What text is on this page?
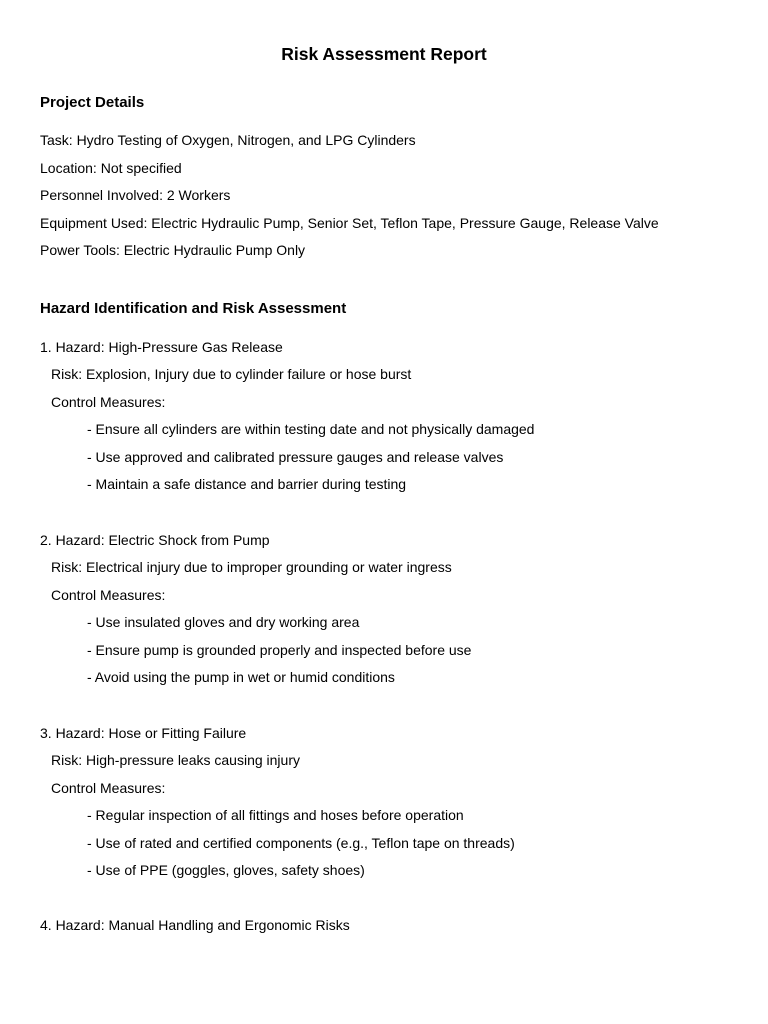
Risk Assessment Report
Project Details
Task: Hydro Testing of Oxygen, Nitrogen, and LPG Cylinders
Location: Not specified
Personnel Involved: 2 Workers
Equipment Used: Electric Hydraulic Pump, Senior Set, Teflon Tape, Pressure Gauge, Release Valve
Power Tools: Electric Hydraulic Pump Only
Hazard Identification and Risk Assessment
1. Hazard: High-Pressure Gas Release
Risk: Explosion, Injury due to cylinder failure or hose burst
Control Measures:
- Ensure all cylinders are within testing date and not physically damaged
- Use approved and calibrated pressure gauges and release valves
- Maintain a safe distance and barrier during testing
2. Hazard: Electric Shock from Pump
Risk: Electrical injury due to improper grounding or water ingress
Control Measures:
- Use insulated gloves and dry working area
- Ensure pump is grounded properly and inspected before use
- Avoid using the pump in wet or humid conditions
3. Hazard: Hose or Fitting Failure
Risk: High-pressure leaks causing injury
Control Measures:
- Regular inspection of all fittings and hoses before operation
- Use of rated and certified components (e.g., Teflon tape on threads)
- Use of PPE (goggles, gloves, safety shoes)
4. Hazard: Manual Handling and Ergonomic Risks
